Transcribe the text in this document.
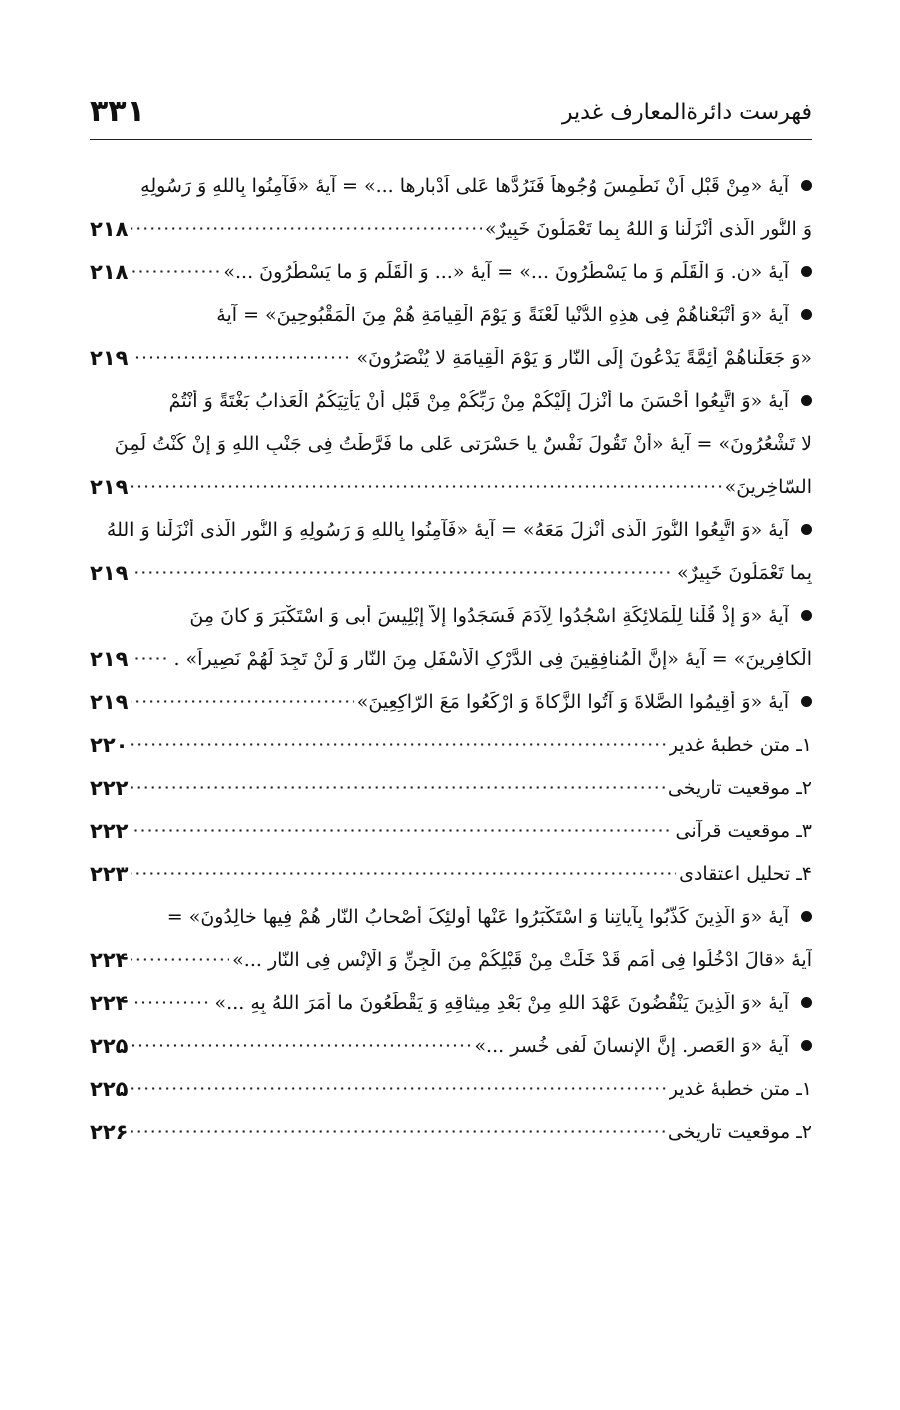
فهرست دائرةالمعارف غدیر
۳۳۱
آیهٔ «مِنْ قَبْلِ اَنْ نَطْمِسَ وُجُوهاً فَنَرُدَّها عَلی اَدْبارِها ...» = آیهٔ «فَآمِنُوا بِاللهِ وَ رَسُولِهِ
وَ النُّورِ الَّذی أَنْزَلْنا وَ اللهُ بِما تَعْمَلُونَ خَبِیرٌ»
۲۱۸
آیهٔ «ن. وَ الْقَلَمِ وَ ما یَسْطُرُونَ ...» = آیهٔ «... وَ الْقَلَمِ وَ ما یَسْطُرُونَ ...»
۲۱۸
آیهٔ «وَ أَتْبَعْناهُمْ فِی هذِهِ الدُّنْیا لَعْنَةً وَ یَوْمَ الْقِیامَةِ هُمْ مِنَ الْمَقْبُوحِینَ» = آیهٔ
«وَ جَعَلْناهُمْ أَئِمَّةً یَدْعُونَ إِلَی النّارِ وَ یَوْمَ الْقِیامَةِ لا یُنْصَرُونَ»
۲۱۹
آیهٔ «وَ اتَّبِعُوا أَحْسَنَ ما أُنْزِلَ إِلَیْکُمْ مِنْ رَبِّکُمْ مِنْ قَبْلِ أَنْ یَأْتِیَکُمُ الْعَذابُ بَغْتَةً وَ أَنْتُمْ
لا تَشْعُرُونَ» = آیهٔ «أَنْ تَقُولَ نَفْسٌ یا حَسْرَتی عَلی ما فَرَّطْتُ فِی جَنْبِ اللهِ وَ إِنْ کُنْتُ لَمِنَ
السّاخِرِینَ»
۲۱۹
آیهٔ «وَ اتَّبِعُوا النُّورَ الَّذی أُنْزِلَ مَعَهُ» = آیهٔ «فَآمِنُوا بِاللهِ وَ رَسُولِهِ وَ النُّورِ الَّذی أَنْزَلْنا وَ اللهُ
بِما تَعْمَلُونَ خَبِیرٌ»
۲۱۹
آیهٔ «وَ إِذْ قُلْنا لِلْمَلائِکَةِ اسْجُدُوا لِآدَمَ فَسَجَدُوا إِلاّ إِبْلِیسَ أَبی وَ اسْتَکْبَرَ وَ کانَ مِنَ
الْکافِرِینَ» = آیهٔ «إِنَّ الْمُنافِقِینَ فِی الدَّرْکِ الْأَسْفَلِ مِنَ النّارِ وَ لَنْ تَجِدَ لَهُمْ نَصِیراً» .
۲۱۹
آیهٔ «وَ أَقِیمُوا الصَّلاةَ وَ آتُوا الزَّکاةَ وَ ارْکَعُوا مَعَ الرّاکِعِینَ»
۲۱۹
۱ـ متن خطبهٔ غدیر
۲۲۰
۲ـ موقعیت تاریخی
۲۲۲
۳ـ موقعیت قرآنی
۲۲۲
۴ـ تحلیل اعتقادی
۲۲۳
آیهٔ «وَ الَّذِینَ کَذَّبُوا بِآیاتِنا وَ اسْتَکْبَرُوا عَنْها أُولئِکَ أَصْحابُ النّارِ هُمْ فِیها خالِدُونَ» =
آیهٔ «قالَ ادْخُلُوا فِی أُمَمٍ قَدْ خَلَتْ مِنْ قَبْلِکُمْ مِنَ الْجِنِّ وَ الْإِنْسِ فِی النّارِ ...»
۲۲۴
آیهٔ «وَ الَّذِینَ یَنْقُضُونَ عَهْدَ اللهِ مِنْ بَعْدِ مِیثاقِهِ وَ یَقْطَعُونَ ما أَمَرَ اللهُ بِهِ ...»
۲۲۴
آیهٔ «وَ العَصرِ. إِنَّ الإنسانَ لَفی خُسرٍ ...»
۲۲۵
۱ـ متن خطبهٔ غدیر
۲۲۵
۲ـ موقعیت تاریخی
۲۲۶
